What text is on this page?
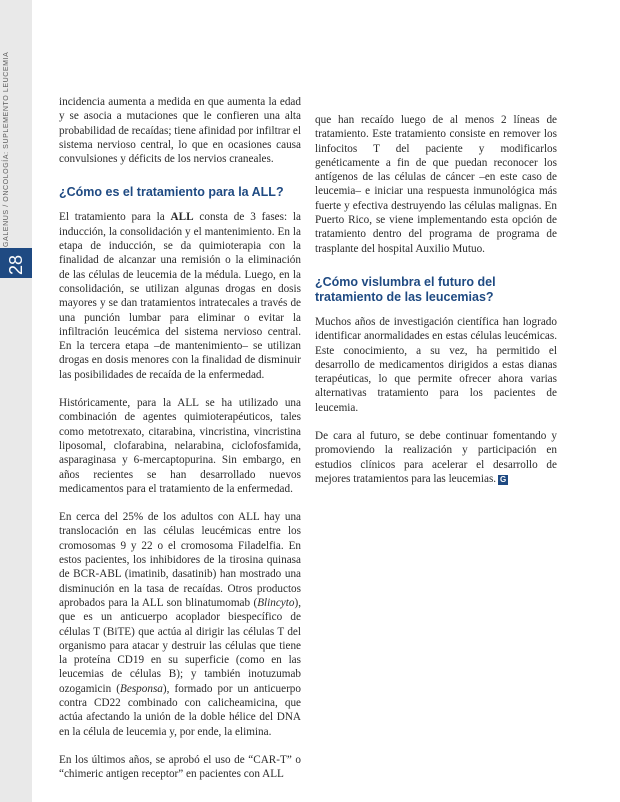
GALENUS / ONCOLOGÍA: SUPLEMENTO LEUCEMIA
28

incidencia aumenta a medida en que aumenta la edad y se asocia a mutaciones que le confieren una alta probabilidad de recaídas; tiene afinidad por infiltrar el sistema nervioso central, lo que en ocasiones causa convulsiones y déficits de los nervios craneales.

¿Cómo es el tratamiento para la ALL?

El tratamiento para la ALL consta de 3 fases: la inducción, la consolidación y el mantenimiento. En la etapa de inducción, se da quimioterapia con la finalidad de alcanzar una remisión o la eliminación de las células de leucemia de la médula. Luego, en la consolidación, se utilizan algunas drogas en dosis mayores y se dan tratamientos intratecales a través de una punción lumbar para eliminar o evitar la infiltración leucémica del sistema nervioso central. En la tercera etapa –de mantenimiento– se utilizan drogas en dosis menores con la finalidad de disminuir las posibilidades de recaída de la enfermedad.

Históricamente, para la ALL se ha utilizado una combinación de agentes quimioterapéuticos, tales como metotrexato, citarabina, vincristina, vincristina liposomal, clofarabina, nelarabina, ciclofosfamida, asparaginasa y 6-mercaptopurina. Sin embargo, en años recientes se han desarrollado nuevos medicamentos para el tratamiento de la enfermedad.

En cerca del 25% de los adultos con ALL hay una translocación en las células leucémicas entre los cromosomas 9 y 22 o el cromosoma Filadelfia. En estos pacientes, los inhibidores de la tirosina quinasa de BCR-ABL (imatinib, dasatinib) han mostrado una disminución en la tasa de recaídas. Otros productos aprobados para la ALL son blinatumomab (Blincyto), que es un anticuerpo acoplador biespecífico de células T (BiTE) que actúa al dirigir las células T del organismo para atacar y destruir las células que tiene la proteína CD19 en su superficie (como en las leucemias de células B); y también inotuzumab ozogamicin (Besponsa), formado por un anticuerpo contra CD22 combinado con calicheamicina, que actúa afectando la unión de la doble hélice del DNA en la célula de leucemia y, por ende, la elimina.

En los últimos años, se aprobó el uso de “CAR-T” o “chimeric antigen receptor” en pacientes con ALL

que han recaído luego de al menos 2 líneas de tratamiento. Este tratamiento consiste en remover los linfocitos T del paciente y modificarlos genéticamente a fin de que puedan reconocer los antígenos de las células de cáncer –en este caso de leucemia– e iniciar una respuesta inmunológica más fuerte y efectiva destruyendo las células malignas. En Puerto Rico, se viene implementando esta opción de tratamiento dentro del programa de programa de trasplante del hospital Auxilio Mutuo.

¿Cómo vislumbra el futuro del tratamiento de las leucemias?

Muchos años de investigación científica han logrado identificar anormalidades en estas células leucémicas. Este conocimiento, a su vez, ha permitido el desarrollo de medicamentos dirigidos a estas dianas terapéuticas, lo que permite ofrecer ahora varias alternativas tratamiento para los pacientes de leucemia.

De cara al futuro, se debe continuar fomentando y promoviendo la realización y participación en estudios clínicos para acelerar el desarrollo de mejores tratamientos para las leucemias. G
